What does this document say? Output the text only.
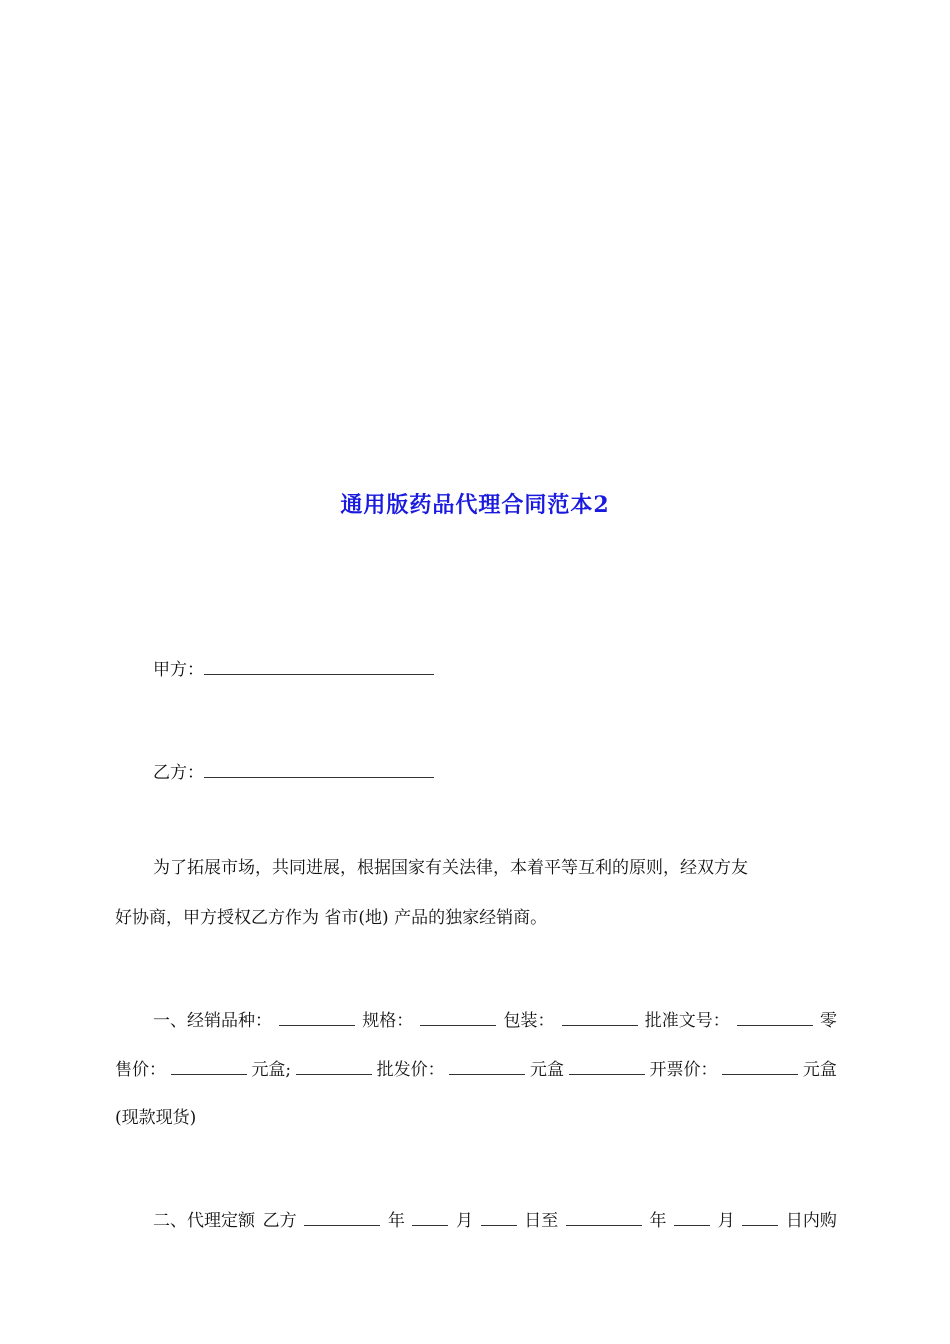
通用版药品代理合同范本2
甲方：
乙方：
为了拓展市场，共同进展，根据国家有关法律，本着平等互利的原则，经双方友
好协商，甲方授权乙方作为 省市(地) 产品的独家经销商。
一、经销品种：	规格：	包装：	批准文号：	零
售价：	元盒;	批发价：	元盒	开票价：	元盒
(现款现货)
二、代理定额 乙方	年	月	日至	年	月	日内购
